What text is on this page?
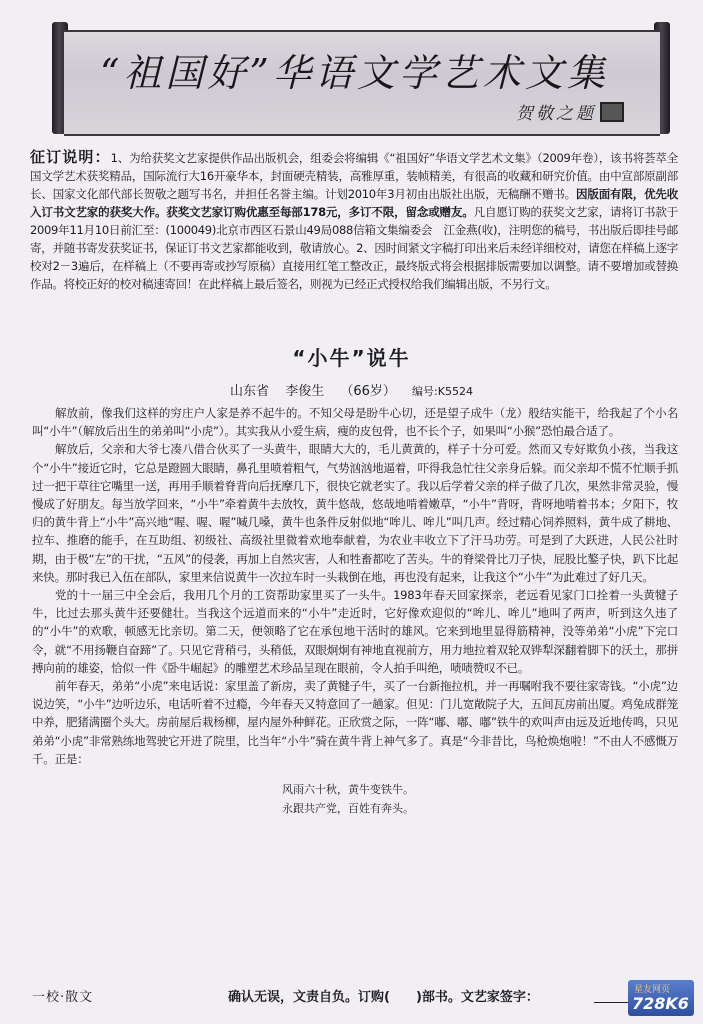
“祖国好”华语文学艺术文集
贺敬之题
征订说明：1、为给获奖文艺家提供作品出版机会，组委会将编辑《“祖国好”华语文学艺术文集》（2009年卷），该书将荟萃全国文学艺术获奖精品，国际流行大16开豪华本，封面硬壳精装，高雅厚重，装帧精美，有很高的收藏和研究价值。由中宣部原副部长、国家文化部代部长贺敬之题写书名，并担任名誉主编。计划2010年3月初由出版社出版，无稿酬不赠书。因版面有限，优先收入订书文艺家的获奖大作。获奖文艺家订购优惠至每部178元，多订不限，留念或赠友。凡自愿订购的获奖文艺家，请将订书款于2009年11月10日前汇至：(100049)北京市西区石景山49局088信箱文集编委会　江金燕(收)，注明您的稿号，书出版后即挂号邮寄，并随书寄发获奖证书，保证订书文艺家都能收到，敬请放心。2、因时间紧文字稿打印出来后未经详细校对，请您在样稿上逐字校对2－3遍后，在样稿上（不要再寄或抄写原稿）直接用红笔工整改正，最终版式将会根据排版需要加以调整。请不要增加或替换作品。将校正好的校对稿速寄回！在此样稿上最后签名，则视为已经正式授权给我们编辑出版，不另行文。
“小牛”说牛
山东省 李俊生 （66岁） 编号:K5524

解放前，像我们这样的穷庄户人家是养不起牛的。不知父母是盼牛心切，还是望子成牛（龙）般结实能干，给我起了个小名叫“小牛”（解放后出生的弟弟叫“小虎”）。其实我从小爱生病，瘦的皮包骨，也不长个子，如果叫“小猴”恐怕最合适了。

解放后，父亲和大爷七凑八借合伙买了一头黄牛，眼睛大大的，毛儿黄黄的，样子十分可爱。然而又专好欺负小孩，当我这个“小牛”接近它时，它总是蹬圆大眼睛，鼻孔里喷着粗气，气势汹汹地逼着，吓得我急忙往父亲身后躲。而父亲却不慌不忙顺手抓过一把干草往它嘴里一送，再用手顺着脊背向后抚摩几下，很快它就老实了。我以后学着父亲的样子做了几次，果然非常灵验，慢慢成了好朋友。每当放学回来，“小牛”牵着黄牛去放牧，黄牛悠哉，悠哉地啃着嫩草，“小牛”背呀，背呀地啃着书本；夕阳下，牧归的黄牛背上“小牛”高兴地“喔、喔、喔”喊几嗓，黄牛也条件反射似地“哞儿、哞儿”叫几声。经过精心饲养照料，黄牛成了耕地、拉车、推磨的能手，在互助组、初级社、高级社里微着欢地奉献着，为农业丰收立下了汗马功劳。可是到了大跃进，人民公社时期，由于极“左”的干扰，“五风”的侵袭，再加上自然灾害，人和牲畜都吃了苦头。牛的脊梁骨比刀子快，屁股比鏊子快，趴下比起来快。那时我已入伍在部队，家里来信说黄牛一次拉车时一头栽倒在地，再也没有起来，让我这个“小牛”为此难过了好几天。

党的十一届三中全会后，我用几个月的工资帮助家里买了一头牛。1983年春天回家探亲，老远看见家门口拴着一头黄犍子牛，比过去那头黄牛还要健壮。当我这个远道而来的“小牛”走近时，它好像欢迎似的“哞儿、哞儿”地叫了两声，听到这久违了的“小牛”的欢歌，顿感无比亲切。第二天，便领略了它在承包地干活时的雄风。它来到地里显得筋精神，没等弟弟“小虎”下完口令，就“不用扬鞭自奋蹄”了。只见它背稍弓，头稍低，双眼炯炯有神地直视前方，用力地拉着双轮双铧犁深翻着脚下的沃土，那拼搏向前的雄姿，恰似一件《卧牛崛起》的雕塑艺术珍品呈现在眼前，令人拍手叫绝，啧啧赞叹不已。

前年春天，弟弟“小虎”来电话说：家里盖了新房，卖了黄犍子牛，买了一台新拖拉机，并一再嘱咐我不要往家寄钱。“小虎”边说边笑，“小牛”边听边乐，电话听着不过瘾，今年春天又特意回了一趟家。但见：门儿宽敞院子大，五间瓦房前出厦。鸡兔成群笼中养，肥猪满圈个头大。房前屋后栽杨柳，屋内屋外种鲜花。正欣赏之际，一阵“嘟、嘟、嘟”铁牛的欢叫声由远及近地传鸣，只见弟弟“小虎”非常熟练地驾驶它开进了院里，比当年“小牛”骑在黄牛背上神气多了。真是“今非昔比，鸟枪焕炮啦！”不由人不感慨万千。正是：

风雨六十秋，黄牛变铁牛。
永跟共产党，百姓有奔头。
一校·散文	确认无误，文责自负。订购(　　)部书。文艺家签字：	星友网页
728K6
